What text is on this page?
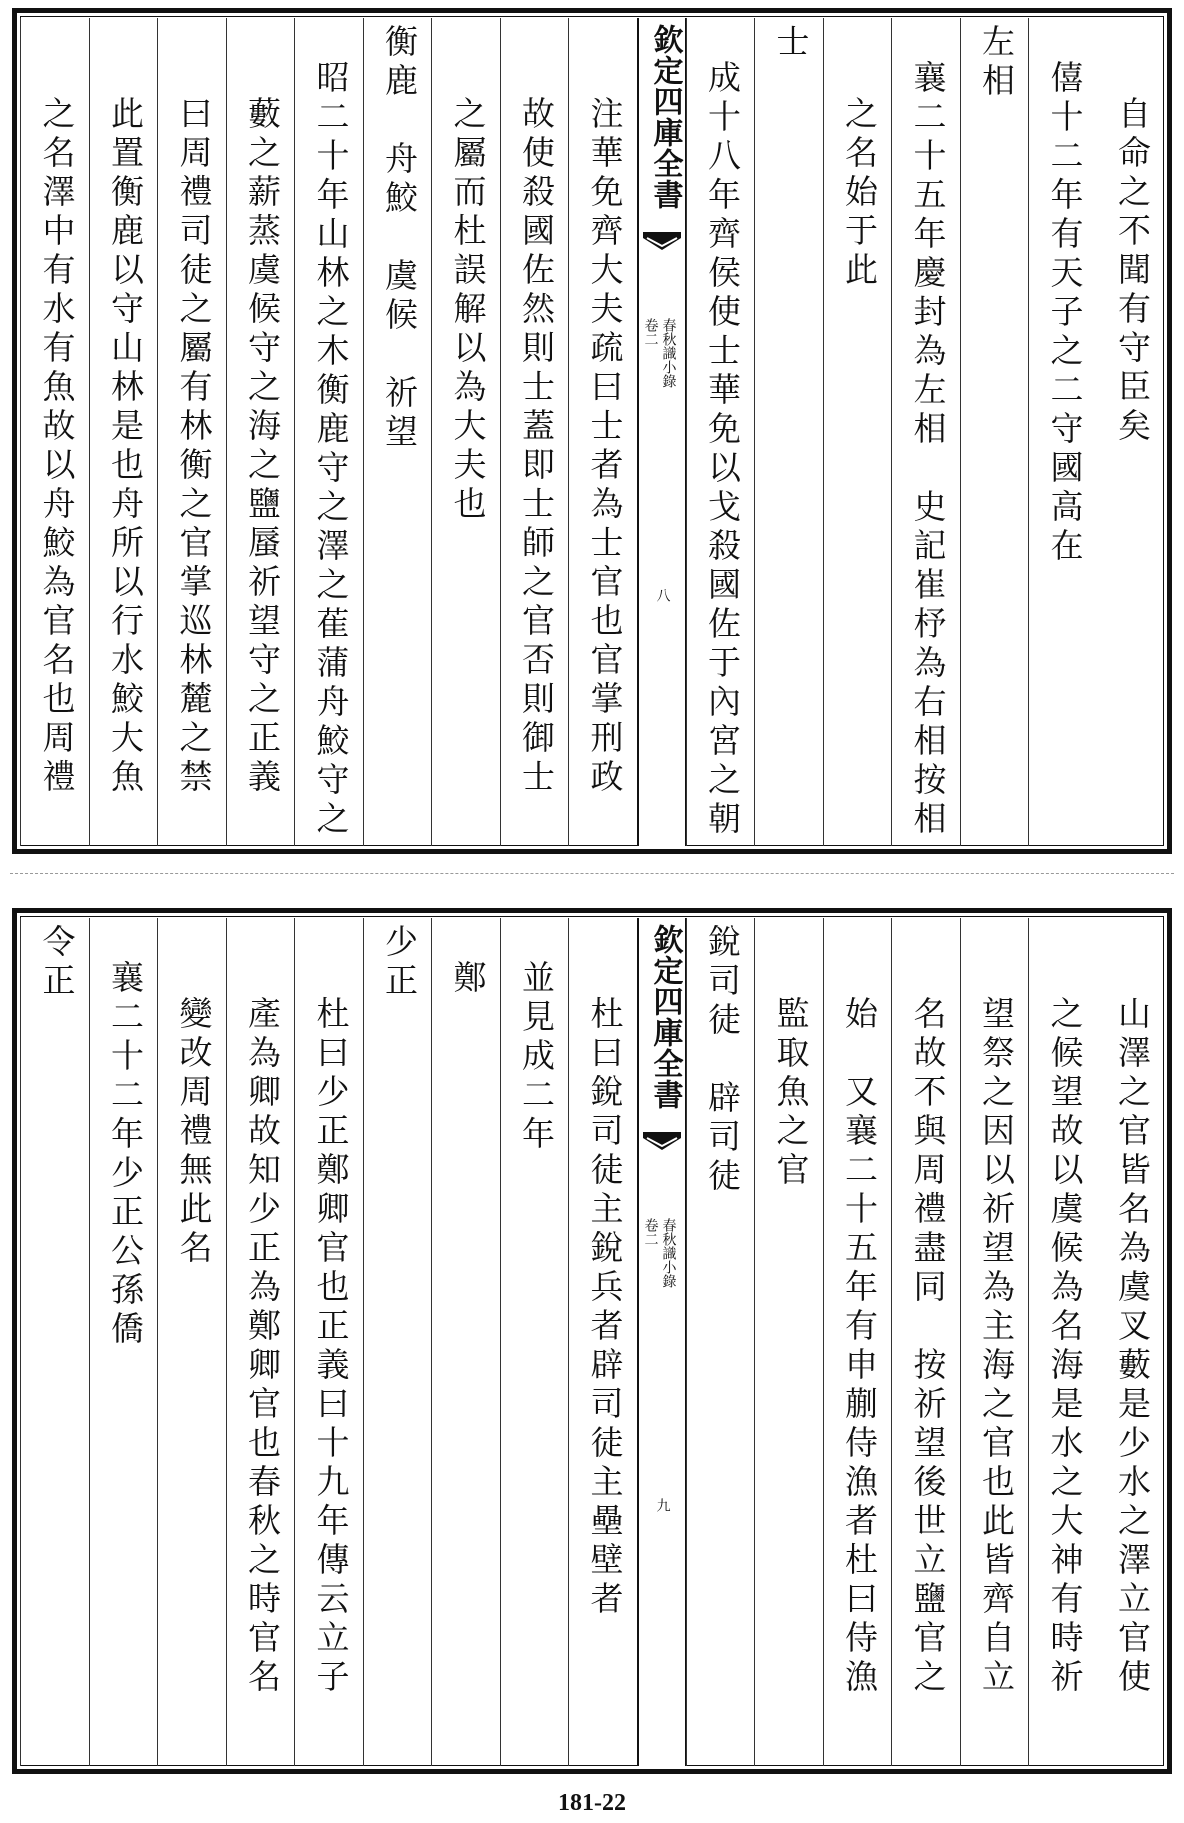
自命之不聞有守臣矣
僖十二年有天子之二守國高在
左相
襄二十五年慶封為左相　史記崔杼為右相按相
之名始于此
士
成十八年齊侯使士華免以戈殺國佐于內宮之朝
欽定四庫全書
春秋識小錄
卷二
八
注華免齊大夫疏曰士者為士官也官掌刑政
故使殺國佐然則士蓋即士師之官否則御士
之屬而杜誤解以為大夫也
衡鹿　舟鮫　虞候　祈望
昭二十年山林之木衡鹿守之澤之萑蒲舟鮫守之
藪之薪蒸虞候守之海之鹽蜃祈望守之正義
曰周禮司徒之屬有林衡之官掌巡林麓之禁
此置衡鹿以守山林是也舟所以行水鮫大魚
之名澤中有水有魚故以舟鮫為官名也周禮
山澤之官皆名為虞叉藪是少水之澤立官使
之候望故以虞候為名海是水之大神有時祈
望祭之因以祈望為主海之官也此皆齊自立
名故不與周禮盡同　按祈望後世立鹽官之
始　又襄二十五年有申蒯侍漁者杜曰侍漁
監取魚之官
銳司徒　辟司徒
欽定四庫全書
春秋識小錄
卷二
九
杜曰銳司徒主銳兵者辟司徒主壘壁者
並見成二年
鄭
少正
杜曰少正鄭卿官也正義曰十九年傳云立子
產為卿故知少正為鄭卿官也春秋之時官名
變改周禮無此名
襄二十二年少正公孫僑
令正
181-22
